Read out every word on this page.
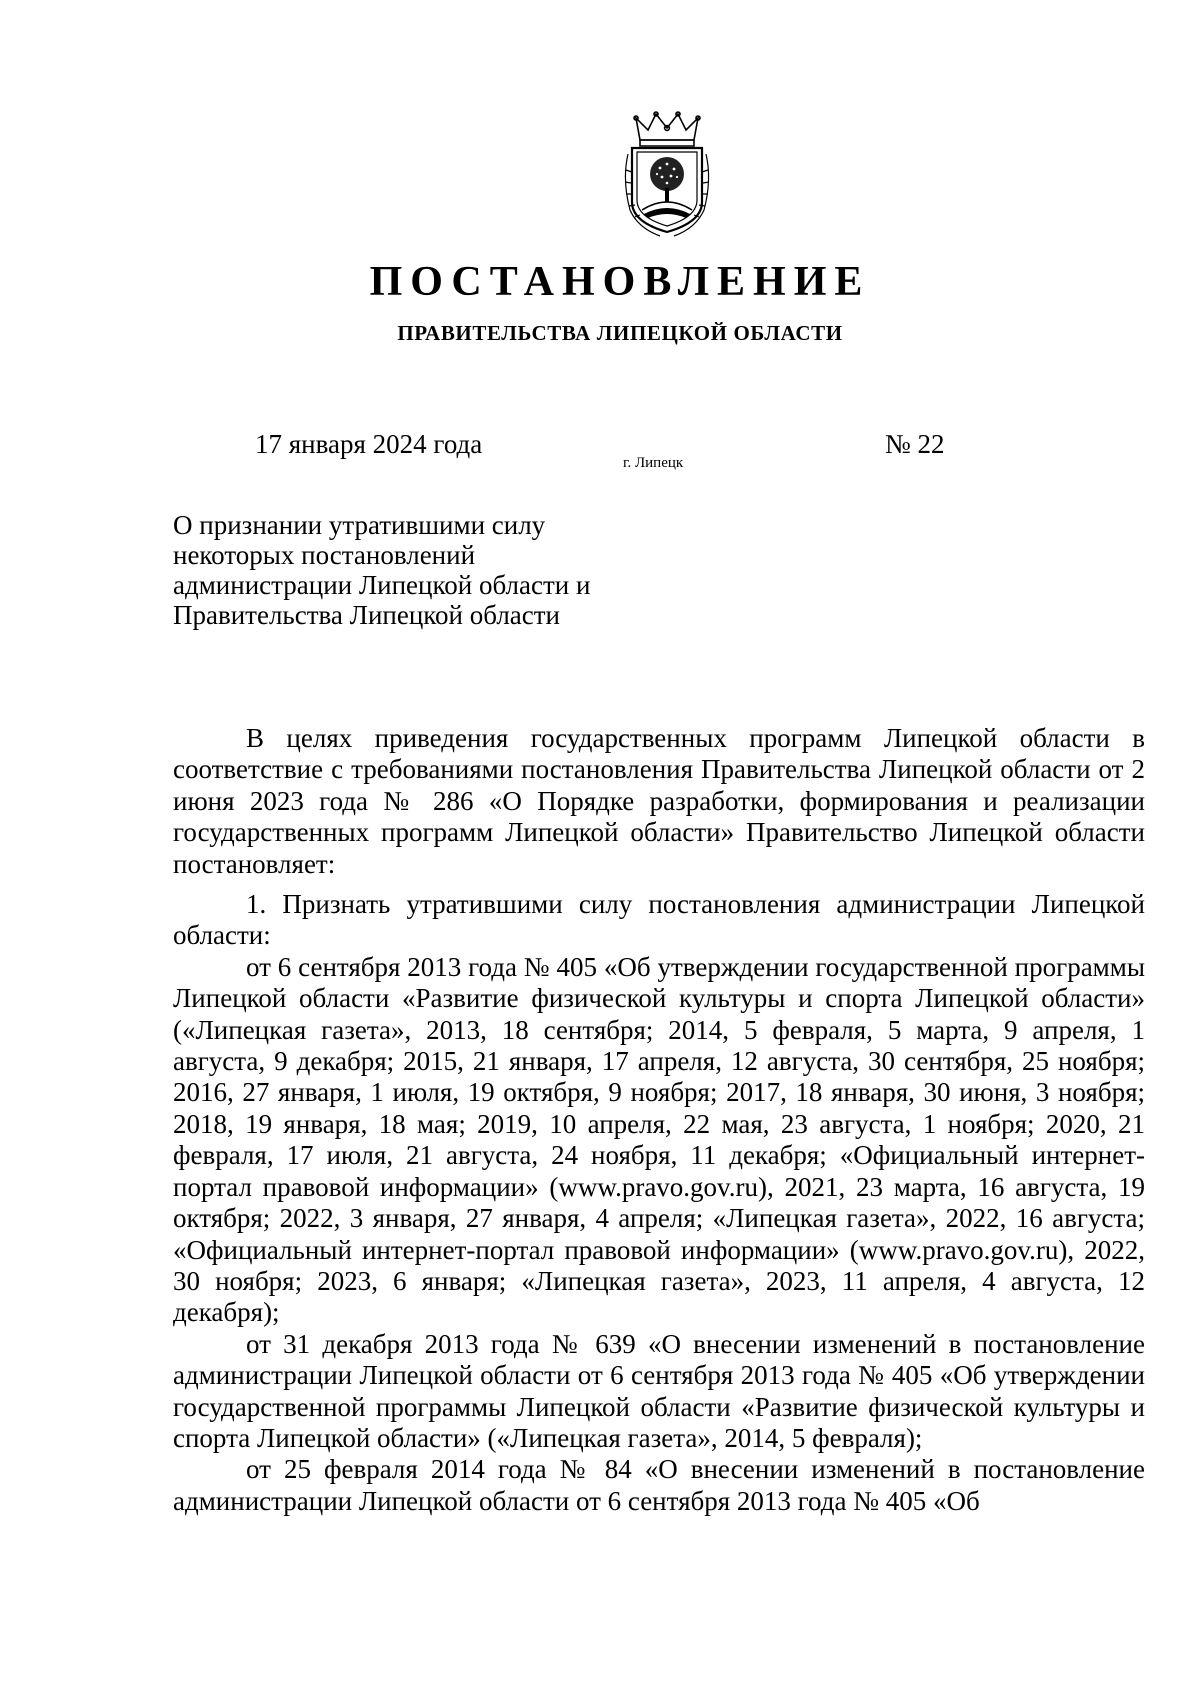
ПОСТАНОВЛЕНИЕ
ПРАВИТЕЛЬСТВА ЛИПЕЦКОЙ ОБЛАСТИ
17 января 2024 года
г. Липецк
№ 22
О признании утратившими силу
некоторых постановлений
администрации Липецкой области и
Правительства Липецкой области

В целях приведения государственных программ Липецкой области в соответствие с требованиями постановления Правительства Липецкой области от 2 июня 2023 года № 286 «О Порядке разработки, формирования и реализации государственных программ Липецкой области» Правительство Липецкой области постановляет:

1. Признать утратившими силу постановления администрации Липецкой области:

от 6 сентября 2013 года № 405 «Об утверждении государственной программы Липецкой области «Развитие физической культуры и спорта Липецкой области» («Липецкая газета», 2013, 18 сентября; 2014, 5 февраля, 5 марта, 9 апреля, 1 августа, 9 декабря; 2015, 21 января, 17 апреля, 12 августа, 30 сентября, 25 ноября; 2016, 27 января, 1 июля, 19 октября, 9 ноября; 2017, 18 января, 30 июня, 3 ноября; 2018, 19 января, 18 мая; 2019, 10 апреля, 22 мая, 23 августа, 1 ноября; 2020, 21 февраля, 17 июля, 21 августа, 24 ноября, 11 декабря; «Официальный интернет-портал правовой информации» (www.pravo.gov.ru), 2021, 23 марта, 16 августа, 19 октября; 2022, 3 января, 27 января, 4 апреля; «Липецкая газета», 2022, 16 августа; «Официальный интернет-портал правовой информации» (www.pravo.gov.ru), 2022, 30 ноября; 2023, 6 января; «Липецкая газета», 2023, 11 апреля, 4 августа, 12 декабря);

от 31 декабря 2013 года № 639 «О внесении изменений в постановление администрации Липецкой области от 6 сентября 2013 года № 405 «Об утверждении государственной программы Липецкой области «Развитие физической культуры и спорта Липецкой области» («Липецкая газета», 2014, 5 февраля);

от 25 февраля 2014 года № 84 «О внесении изменений в постановление администрации Липецкой области от 6 сентября 2013 года № 405 «Об
